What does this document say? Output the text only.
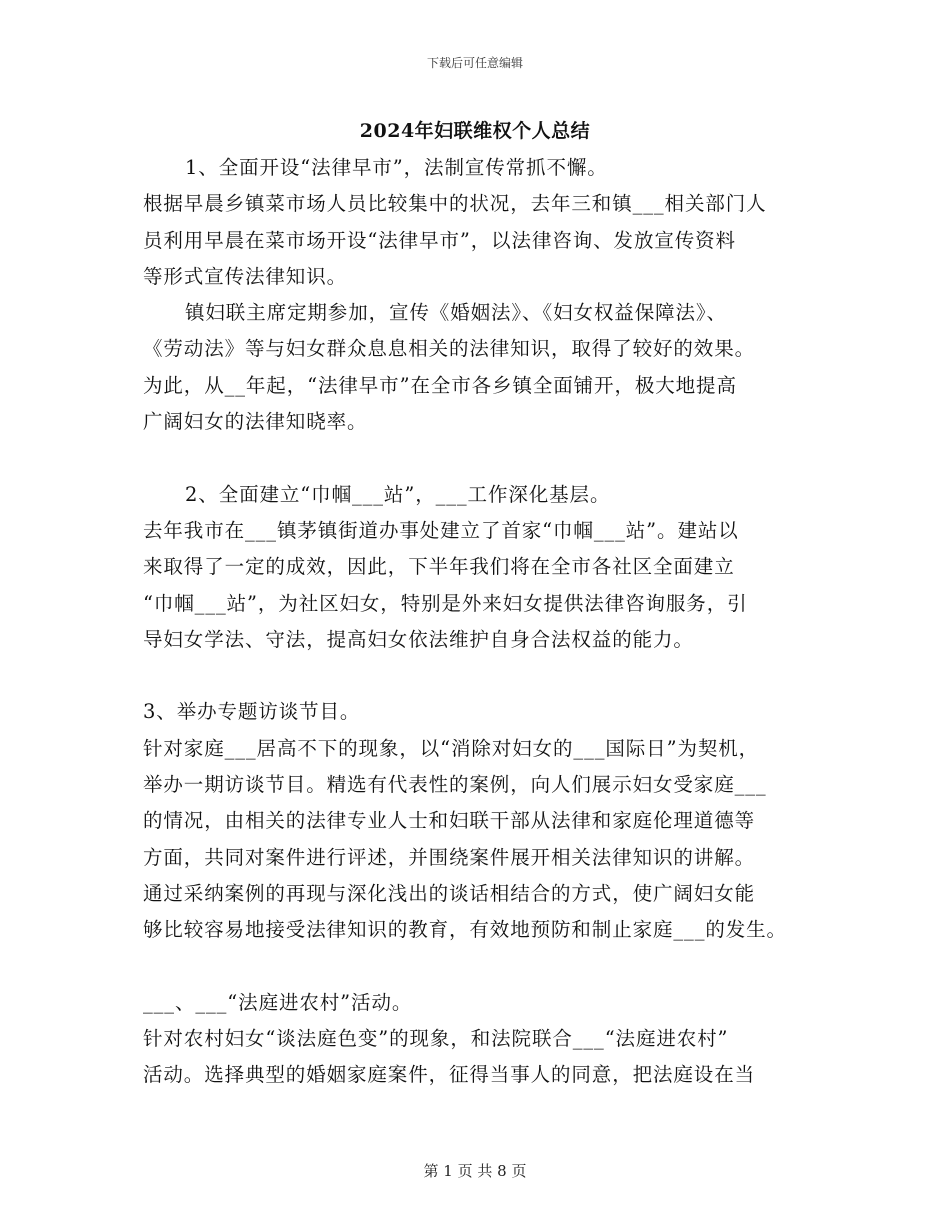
下载后可任意编辑
2024年妇联维权个人总结
1、全面开设“法律早市”，法制宣传常抓不懈。
根据早晨乡镇菜市场人员比较集中的状况，去年三和镇___相关部门人
员利用早晨在菜市场开设“法律早市”，以法律咨询、发放宣传资料
等形式宣传法律知识。
镇妇联主席定期参加，宣传《婚姻法》、《妇女权益保障法》、
《劳动法》等与妇女群众息息相关的法律知识，取得了较好的效果。
为此，从__年起，“法律早市”在全市各乡镇全面铺开，极大地提高
广阔妇女的法律知晓率。
2、全面建立“巾帼___站”，___工作深化基层。
去年我市在___镇茅镇街道办事处建立了首家“巾帼___站”。建站以
来取得了一定的成效，因此，下半年我们将在全市各社区全面建立
“巾帼___站”，为社区妇女，特别是外来妇女提供法律咨询服务，引
导妇女学法、守法，提高妇女依法维护自身合法权益的能力。
3、举办专题访谈节目。
针对家庭___居高不下的现象，以“消除对妇女的___国际日”为契机，
举办一期访谈节目。精选有代表性的案例，向人们展示妇女受家庭___
的情况，由相关的法律专业人士和妇联干部从法律和家庭伦理道德等
方面，共同对案件进行评述，并围绕案件展开相关法律知识的讲解。
通过采纳案例的再现与深化浅出的谈话相结合的方式，使广阔妇女能
够比较容易地接受法律知识的教育，有效地预防和制止家庭___的发生。
___、___“法庭进农村”活动。
针对农村妇女“谈法庭色变”的现象，和法院联合___“法庭进农村”
活动。选择典型的婚姻家庭案件，征得当事人的同意，把法庭设在当
第 1 页 共 8 页
